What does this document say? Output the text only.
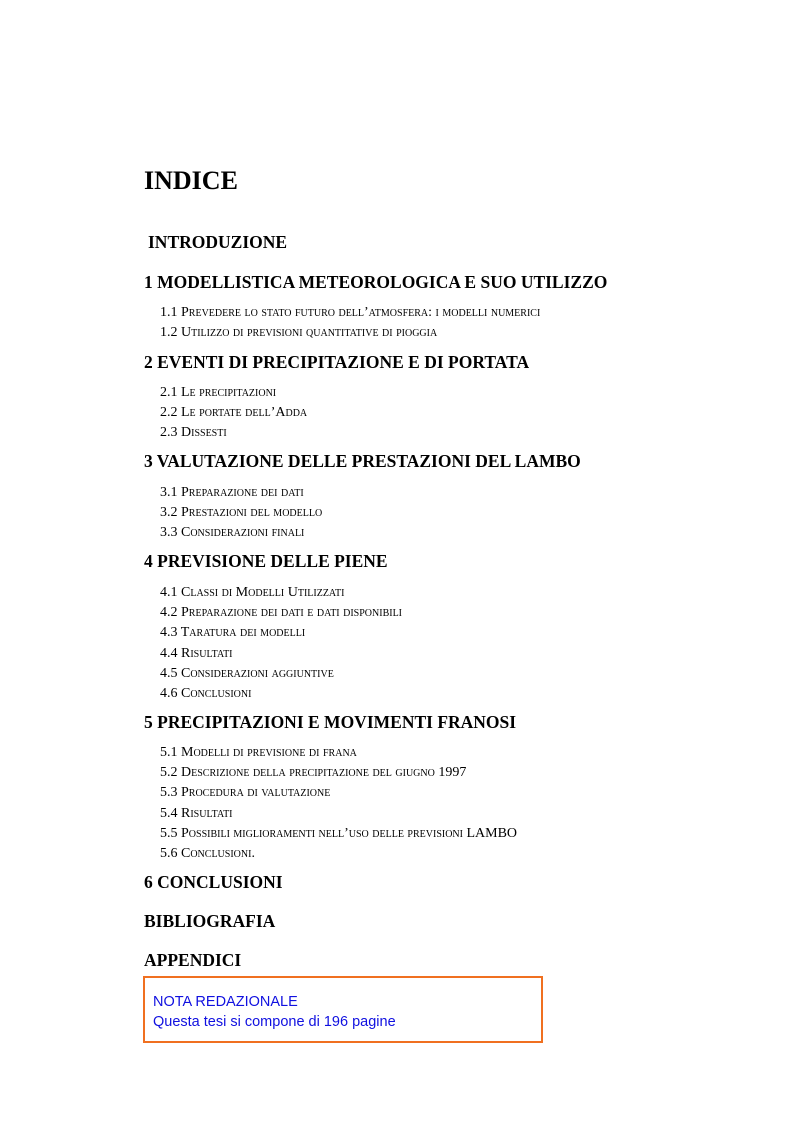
INDICE
INTRODUZIONE
1 MODELLISTICA METEOROLOGICA E SUO UTILIZZO
1.1 Prevedere lo stato futuro dell’atmosfera: i modelli numerici
1.2 Utilizzo di previsioni quantitative di pioggia
2 EVENTI DI PRECIPITAZIONE E DI PORTATA
2.1 Le precipitazioni
2.2 Le portate dell’Adda
2.3 Dissesti
3 VALUTAZIONE DELLE PRESTAZIONI DEL LAMBO
3.1 Preparazione dei dati
3.2 Prestazioni del modello
3.3 Considerazioni finali
4 PREVISIONE DELLE PIENE
4.1 Classi di Modelli Utilizzati
4.2 Preparazione dei dati e dati disponibili
4.3 Taratura dei modelli
4.4 Risultati
4.5 Considerazioni aggiuntive
4.6 Conclusioni
5 PRECIPITAZIONI E MOVIMENTI FRANOSI
5.1 Modelli di previsione di frana
5.2 Descrizione della precipitazione del giugno 1997
5.3 Procedura di valutazione
5.4 Risultati
5.5 Possibili miglioramenti nell’uso delle previsioni LAMBO
5.6 Conclusioni.
6 CONCLUSIONI
BIBLIOGRAFIA
APPENDICI
NOTA REDAZIONALE
Questa tesi si compone di 196 pagine
